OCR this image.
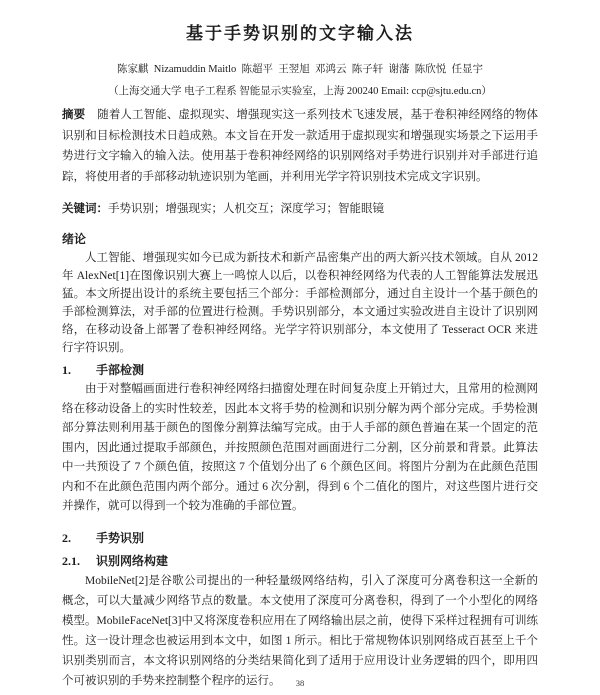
基于手势识别的文字输入法
陈家麒  Nizamuddin Maitlo  陈超平  王翌旭  邓鸿云  陈子轩  谢藩  陈欣悦  任显宇
（上海交通大学 电子工程系 智能显示实验室，上海 200240 Email: ccp@sjtu.edu.cn）

摘要 随着人工智能、虚拟现实、增强现实这一系列技术飞速发展，基于卷积神经网络的物体识别和目标检测技术日趋成熟。本文旨在开发一款适用于虚拟现实和增强现实场景之下运用手势进行文字输入的输入法。使用基于卷积神经网络的识别网络对手势进行识别并对手部进行追踪，将使用者的手部移动轨迹识别为笔画，并利用光学字符识别技术完成文字识别。

关键词：手势识别；增强现实；人机交互；深度学习；智能眼镜

绪论

人工智能、增强现实如今已成为新技术和新产品密集产出的两大新兴技术领域。自从 2012 年 AlexNet[1]在图像识别大赛上一鸣惊人以后，以卷积神经网络为代表的人工智能算法发展迅猛。本文所提出设计的系统主要包括三个部分：手部检测部分，通过自主设计一个基于颜色的手部检测算法，对手部的位置进行检测。手势识别部分，本文通过实验改进自主设计了识别网络，在移动设备上部署了卷积神经网络。光学字符识别部分，本文使用了 Tesseract OCR 来进行字符识别。

1.	手部检测

由于对整幅画面进行卷积神经网络扫描窗处理在时间复杂度上开销过大，且常用的检测网络在移动设备上的实时性较差，因此本文将手势的检测和识别分解为两个部分完成。手势检测部分算法则利用基于颜色的图像分割算法编写完成。由于人手部的颜色普遍在某一个固定的范围内，因此通过提取手部颜色，并按照颜色范围对画面进行二分割，区分前景和背景。此算法中一共预设了 7 个颜色值，按照这 7 个值划分出了 6 个颜色区间。将图片分割为在此颜色范围内和不在此颜色范围内两个部分。通过 6 次分割，得到 6 个二值化的图片，对这些图片进行交并操作，就可以得到一个较为准确的手部位置。

2.	手势识别
2.1.	识别网络构建

MobileNet[2]是谷歌公司提出的一种轻量级网络结构，引入了深度可分离卷积这一全新的概念，可以大量减少网络节点的数量。本文使用了深度可分离卷积，得到了一个小型化的网络模型。MobileFaceNet[3]中又将深度卷积应用在了网络输出层之前，使得下采样过程拥有可训练性。这一设计理念也被运用到本文中，如图 1 所示。相比于常规物体识别网络成百甚至上千个识别类别而言，本文将识别网络的分类结果简化到了适用于应用设计业务逻辑的四个，即用四个可被识别的手势来控制整个程序的运行。	38
